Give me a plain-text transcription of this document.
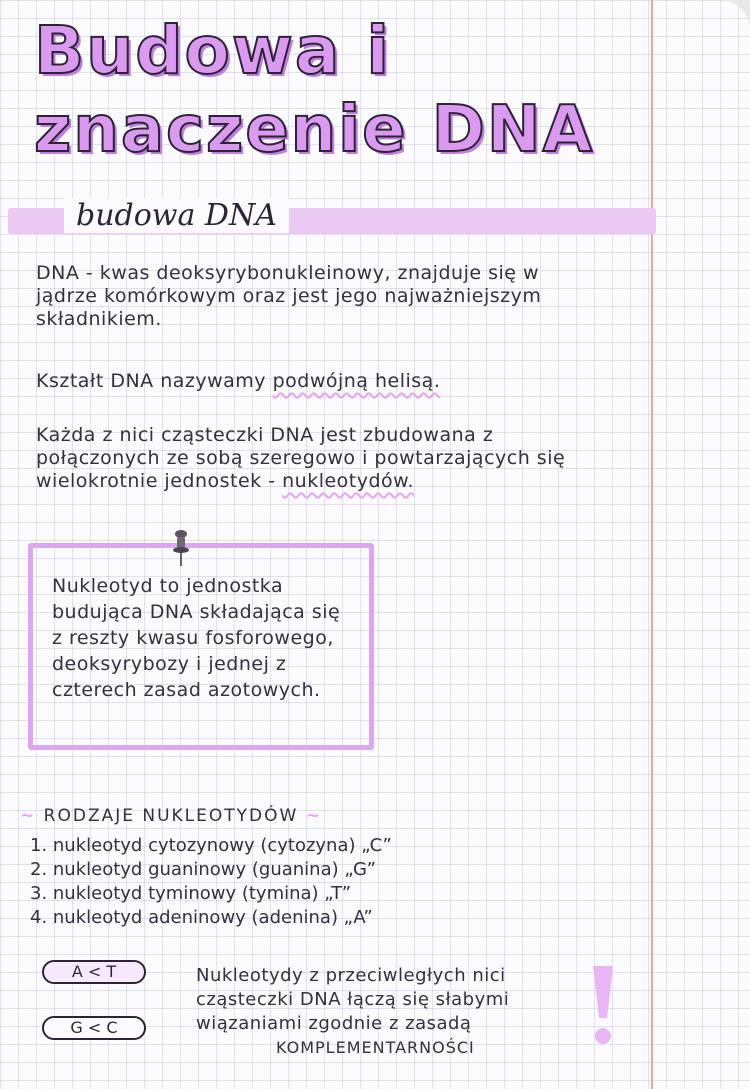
Budowa i
znaczenie DNA
budowa DNA
DNA - kwas deoksyrybonukleinowy, znajduje się w jądrze komórkowym oraz jest jego najważniejszym składnikiem.
Kształt DNA nazywamy podwójną helisą.
Każda z nici cząsteczki DNA jest zbudowana z połączonych ze sobą szeregowo i powtarzających się wielokrotnie jednostek - nukleotydów.
Nukleotyd to jednostka budująca DNA składająca się z reszty kwasu fosforowego, deoksyrybozy i jednej z czterech zasad azotowych.
~ RODZAJE NUKLEOTYDÓW ~
1. nukleotyd cytozynowy (cytozyna) „C”
2. nukleotyd guaninowy (guanina) „G”
3. nukleotyd tyminowy (tymina) „T”
4. nukleotyd adeninowy (adenina) „A”
A < T
G < C
Nukleotydy z przeciwległych nici cząsteczki DNA łączą się słabymi wiązaniami zgodnie z zasadą
KOMPLEMENTARNOŚCI
